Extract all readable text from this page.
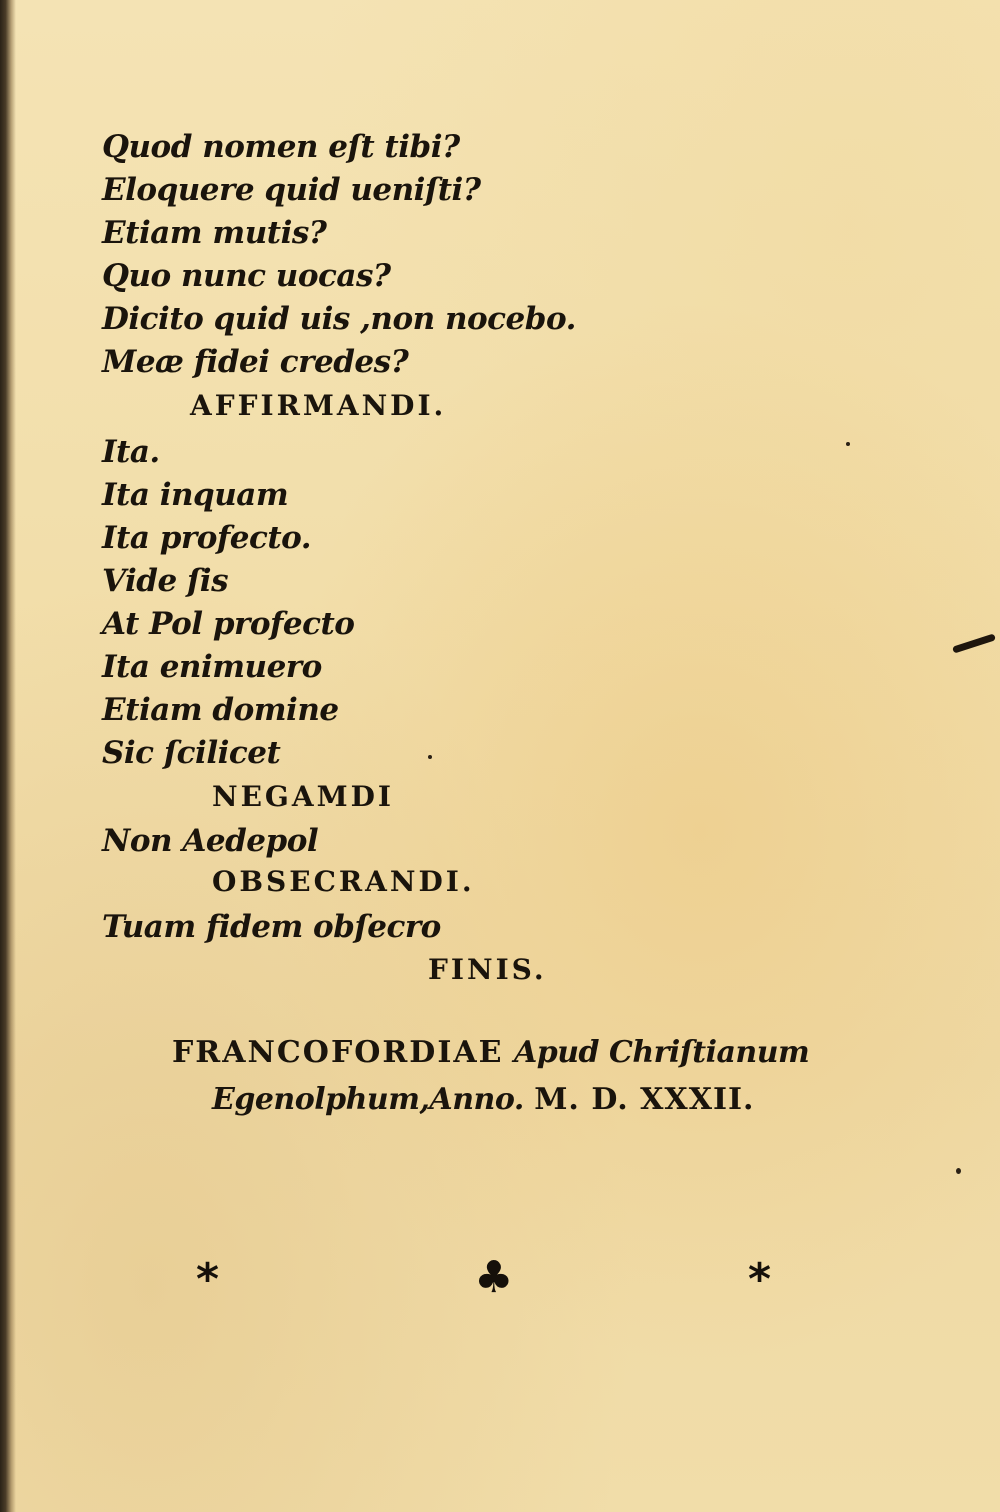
Quod nomen eſt tibi?
Eloquere quid ueniſti?
Etiam mutis?
Quo nunc uocas?
Dicito quid uis ,non nocebo.
Meæ fidei credes?
AFFIRMANDI.
Ita.
Ita inquam
Ita profecto.
Vide ſis
At Pol profecto
Ita enimuero
Etiam domine
Sic ſcilicet
NEGAMDI
Non Aedepol
OBSECRANDI.
Tuam fidem obſecro
FINIS.
FRANCOFORDIAE Apud Chriſtianum
Egenolphum,Anno. M. D. XXXII.
*	♣	*
